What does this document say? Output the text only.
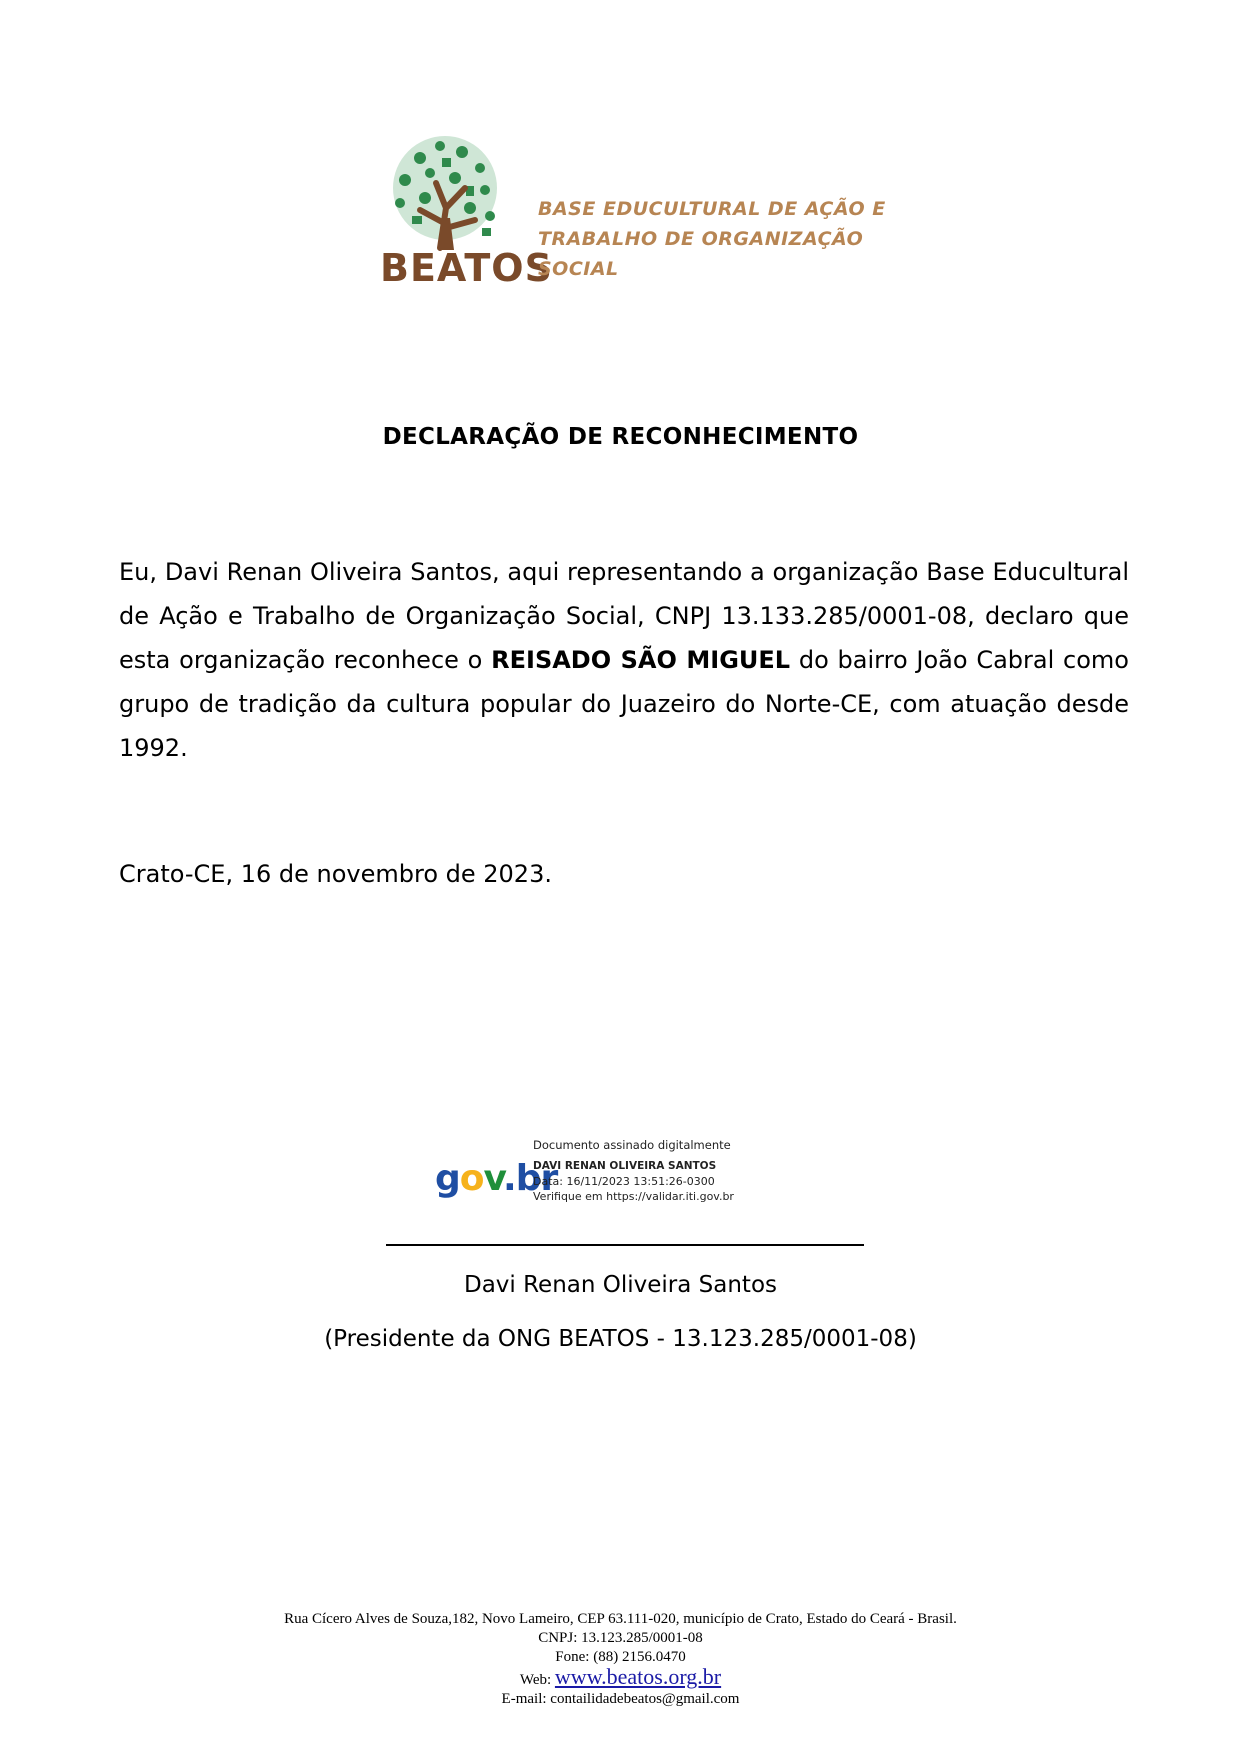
BEATOS
BASE EDUCULTURAL DE AÇÃO E
TRABALHO DE ORGANIZAÇÃO SOCIAL
DECLARAÇÃO DE RECONHECIMENTO
Eu, Davi Renan Oliveira Santos, aqui representando a organização Base Educultural de Ação e Trabalho de Organização Social, CNPJ 13.133.285/0001-08, declaro que esta organização reconhece o REISADO SÃO MIGUEL do bairro João Cabral como grupo de tradição da cultura popular do Juazeiro do Norte-CE, com atuação desde 1992.
Crato-CE, 16 de novembro de 2023.
gov.br
Documento assinado digitalmente
DAVI RENAN OLIVEIRA SANTOS
Data: 16/11/2023 13:51:26-0300
Verifique em https://validar.iti.gov.br
Davi Renan Oliveira Santos
(Presidente da ONG BEATOS - 13.123.285/0001-08)
Rua Cícero Alves de Souza,182, Novo Lameiro, CEP 63.111-020, município de Crato, Estado do Ceará - Brasil.
CNPJ: 13.123.285/0001-08
Fone: (88) 2156.0470
Web: www.beatos.org.br
E-mail: contailidadebeatos@gmail.com
